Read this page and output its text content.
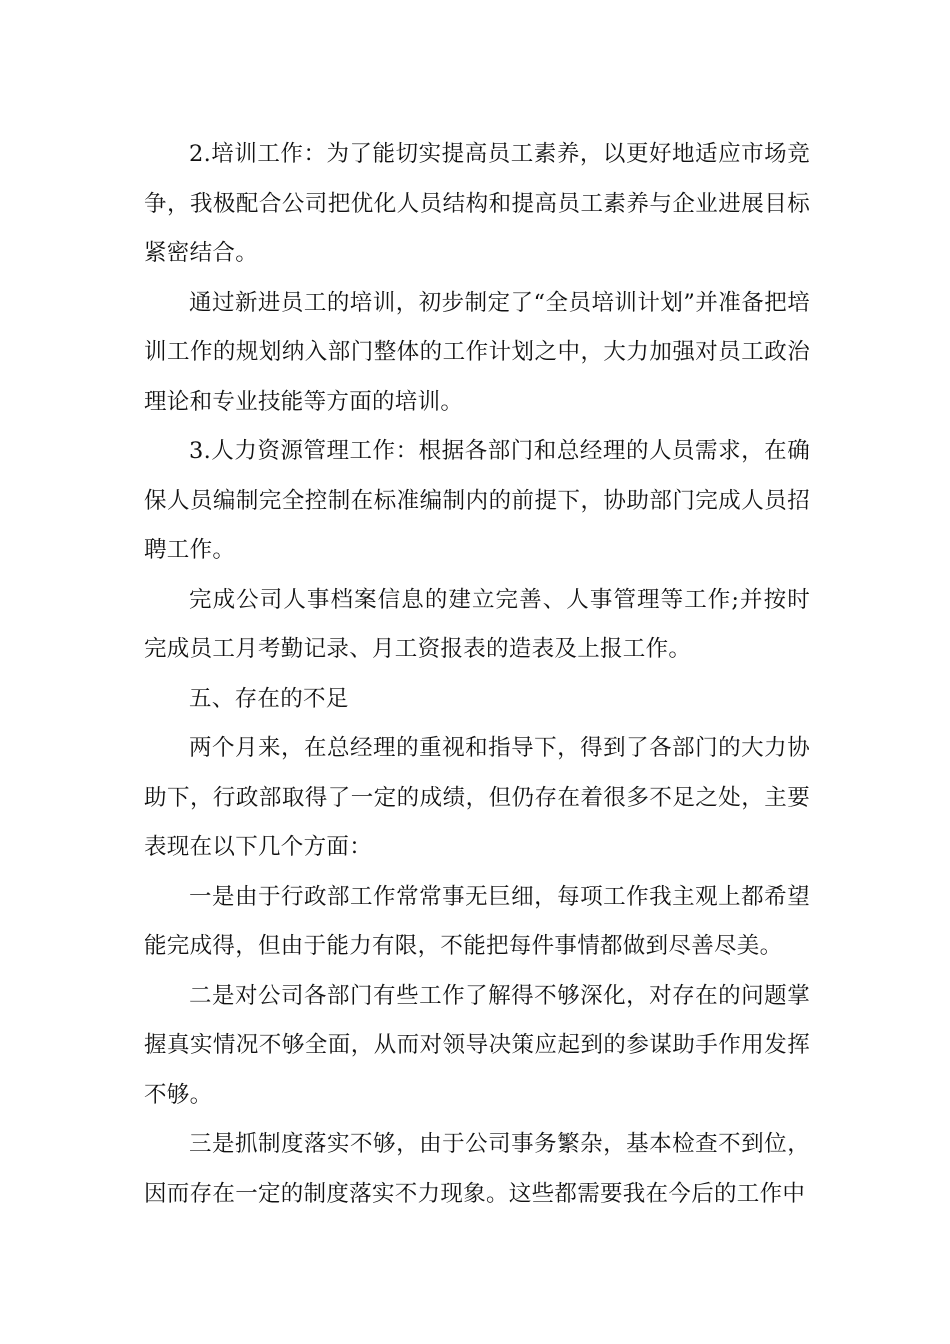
2.培训工作：为了能切实提高员工素养，以更好地适应市场竞争，我极配合公司把优化人员结构和提高员工素养与企业进展目标紧密结合。

通过新进员工的培训，初步制定了“全员培训计划”并准备把培训工作的规划纳入部门整体的工作计划之中，大力加强对员工政治理论和专业技能等方面的培训。

3.人力资源管理工作：根据各部门和总经理的人员需求，在确保人员编制完全控制在标准编制内的前提下，协助部门完成人员招聘工作。

完成公司人事档案信息的建立完善、人事管理等工作;并按时完成员工月考勤记录、月工资报表的造表及上报工作。

五、存在的不足

两个月来，在总经理的重视和指导下，得到了各部门的大力协助下，行政部取得了一定的成绩，但仍存在着很多不足之处，主要表现在以下几个方面：

一是由于行政部工作常常事无巨细，每项工作我主观上都希望能完成得，但由于能力有限，不能把每件事情都做到尽善尽美。

二是对公司各部门有些工作了解得不够深化，对存在的问题掌握真实情况不够全面，从而对领导决策应起到的参谋助手作用发挥不够。

三是抓制度落实不够，由于公司事务繁杂，基本检查不到位，因而存在一定的制度落实不力现象。这些都需要我在今后的工作中
